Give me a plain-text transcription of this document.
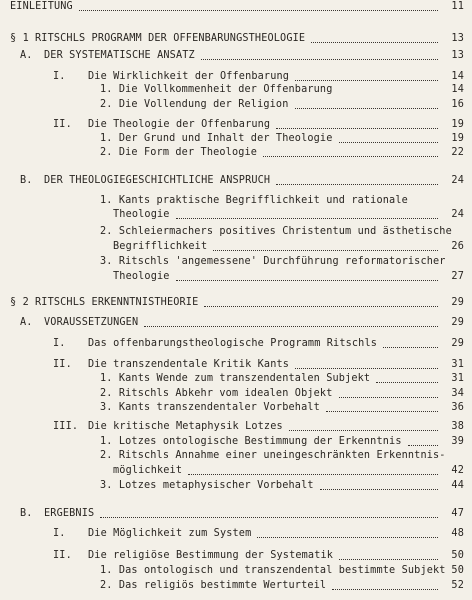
EINLEITUNG	11
§ 1 RITSCHLS PROGRAMM DER OFFENBARUNGSTHEOLOGIE	13
A. DER SYSTEMATISCHE ANSATZ	13
I. Die Wirklichkeit der Offenbarung	14
1. Die Vollkommenheit der Offenbarung	14
2. Die Vollendung der Religion	16
II. Die Theologie der Offenbarung	19
1. Der Grund und Inhalt der Theologie	19
2. Die Form der Theologie	22
B. DER THEOLOGIEGESCHICHTLICHE ANSPRUCH	24
1. Kants praktische Begrifflichkeit und rationale
Theologie	24
2. Schleiermachers positives Christentum und ästhetische
Begrifflichkeit	26
3. Ritschls 'angemessene' Durchführung reformatorischer
Theologie	27
§ 2 RITSCHLS ERKENNTNISTHEORIE	29
A. VORAUSSETZUNGEN	29
I. Das offenbarungstheologische Programm Ritschls	29
II. Die transzendentale Kritik Kants	31
1. Kants Wende zum transzendentalen Subjekt	31
2. Ritschls Abkehr vom idealen Objekt	34
3. Kants transzendentaler Vorbehalt	36
III. Die kritische Metaphysik Lotzes	38
1. Lotzes ontologische Bestimmung der Erkenntnis	39
2. Ritschls Annahme einer uneingeschränkten Erkenntnis-
möglichkeit	42
3. Lotzes metaphysischer Vorbehalt	44
B. ERGEBNIS	47
I. Die Möglichkeit zum System	48
II. Die religiöse Bestimmung der Systematik	50
1. Das ontologisch und transzendental bestimmte Subjekt 50
2. Das religiös bestimmte Werturteil	52
